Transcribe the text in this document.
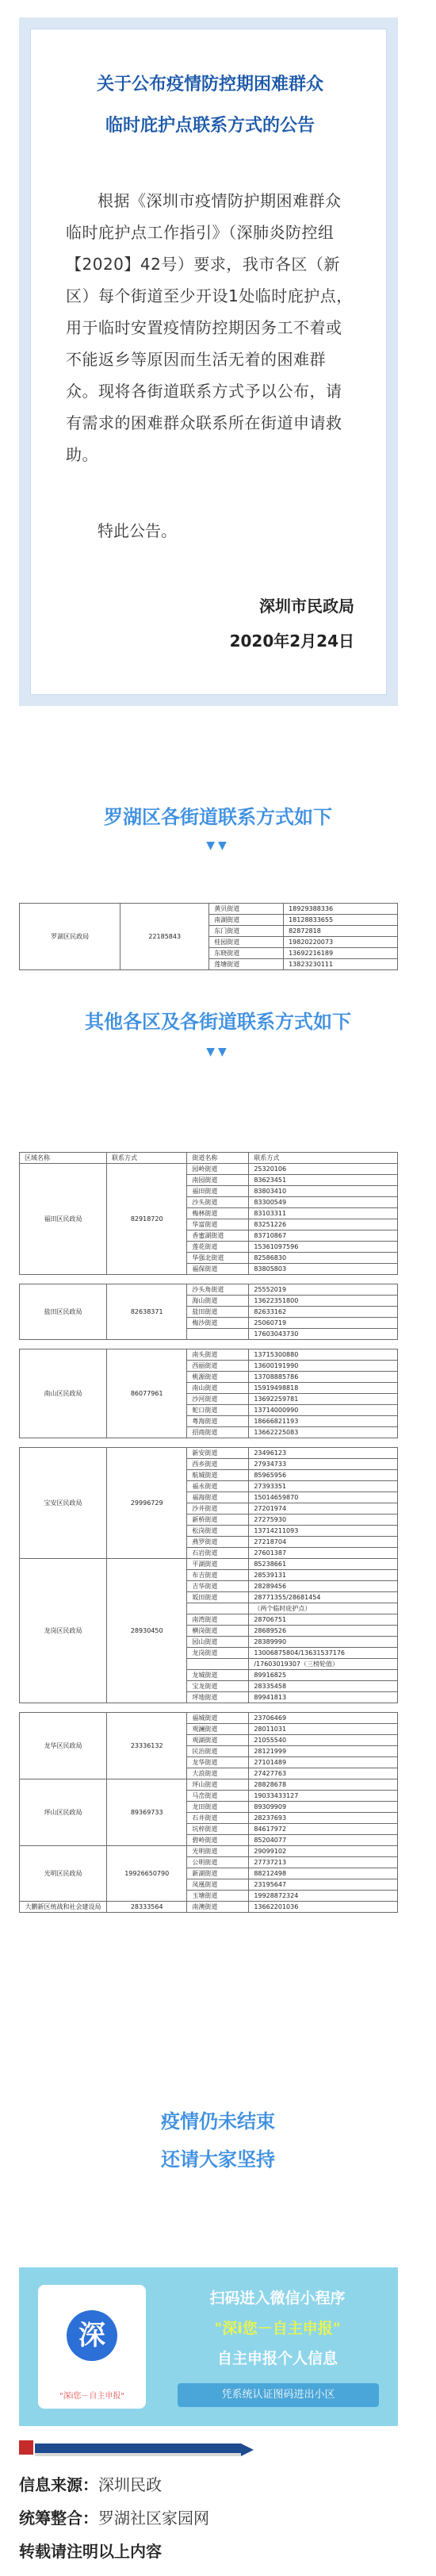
关于公布疫情防控期困难群众
临时庇护点联系方式的公告

根据《深圳市疫情防护期困难群众临时庇护点工作指引》（深肺炎防控组【2020】42号）要求，我市各区（新区）每个街道至少开设1处临时庇护点，用于临时安置疫情防控期因务工不着或不能返乡等原因而生活无着的困难群众。现将各街道联系方式予以公布，请有需求的困难群众联系所在街道申请救助。

特此公告。

深圳市民政局
2020年2月24日
罗湖区各街道联系方式如下
▼▼
罗湖区民政局	22185843	黄贝街道	18929388336
		南湖街道	18128833655
		东门街道	82872818
		桂园街道	19820220073
		东晓街道	13692216189
		莲塘街道	13823230111
其他各区及各街道联系方式如下
▼▼
区域名称	联系方式	街道名称	联系方式
福田区民政局	82918720	园岭街道	25320106
		南园街道	83623451
		福田街道	83803410
		沙头街道	83300549
		梅林街道	83103311
		华富街道	83251226
		香蜜湖街道	83710867
		莲花街道	15361097596
		华强北街道	82586830
		福保街道	83805803

盐田区民政局	82638371	沙头角街道	25552019
		海山街道	13622351800
		盐田街道	82633162
		梅沙街道	25060719
			17603043730

南山区民政局	86077961	南头街道	13715300880
		西丽街道	13600191990
		桃源街道	13708885786
		南山街道	15919498818
		沙河街道	13692259781
		蛇口街道	13714000990
		粤海街道	18666821193
		招商街道	13662225083

宝安区民政局	29996729	新安街道	23496123
		西乡街道	27934733
		航城街道	85965956
		福永街道	27393351
		福海街道	15014659870
		沙井街道	27201974
		新桥街道	27275930
		松岗街道	13714211093
		燕罗街道	27218704
		石岩街道	27601387
龙岗区民政局	28930450	平湖街道	85238661
		布吉街道	28539131
		吉华街道	28289456
		坂田街道	28771355/28681454
			（两个临时庇护点）
		南湾街道	28706751
		横岗街道	28689526
		园山街道	28389990
		龙岗街道	13006875804/13631537176
			/17603019307（三榜轮值）
		龙城街道	89916825
		宝龙街道	28335458
		坪地街道	89941813

龙华区民政局	23336132	福城街道	23706469
		观澜街道	28011031
		观湖街道	21055540
		民治街道	28121999
		龙华街道	27101489
		大浪街道	27427763
坪山区民政局	89369733	坪山街道	28828678
		马峦街道	19033433127
		龙田街道	89309909
		石井街道	28237693
		坑梓街道	84617972
		碧岭街道	85204077
光明区民政局	19926650790	光明街道	29099102
		公明街道	27737213
		新湖街道	88212498
		凤凰街道	23195647
		玉塘街道	19928872324
大鹏新区统战和社会建设局	28333564	南澳街道	13662201036
疫情仍未结束
还请大家坚持
深
"深i您－自主申报"
扫码进入微信小程序
"深i您－自主申报"
自主申报个人信息
凭系统认证图码进出小区
信息来源：深圳民政
统筹整合：罗湖社区家园网
转载请注明以上内容
